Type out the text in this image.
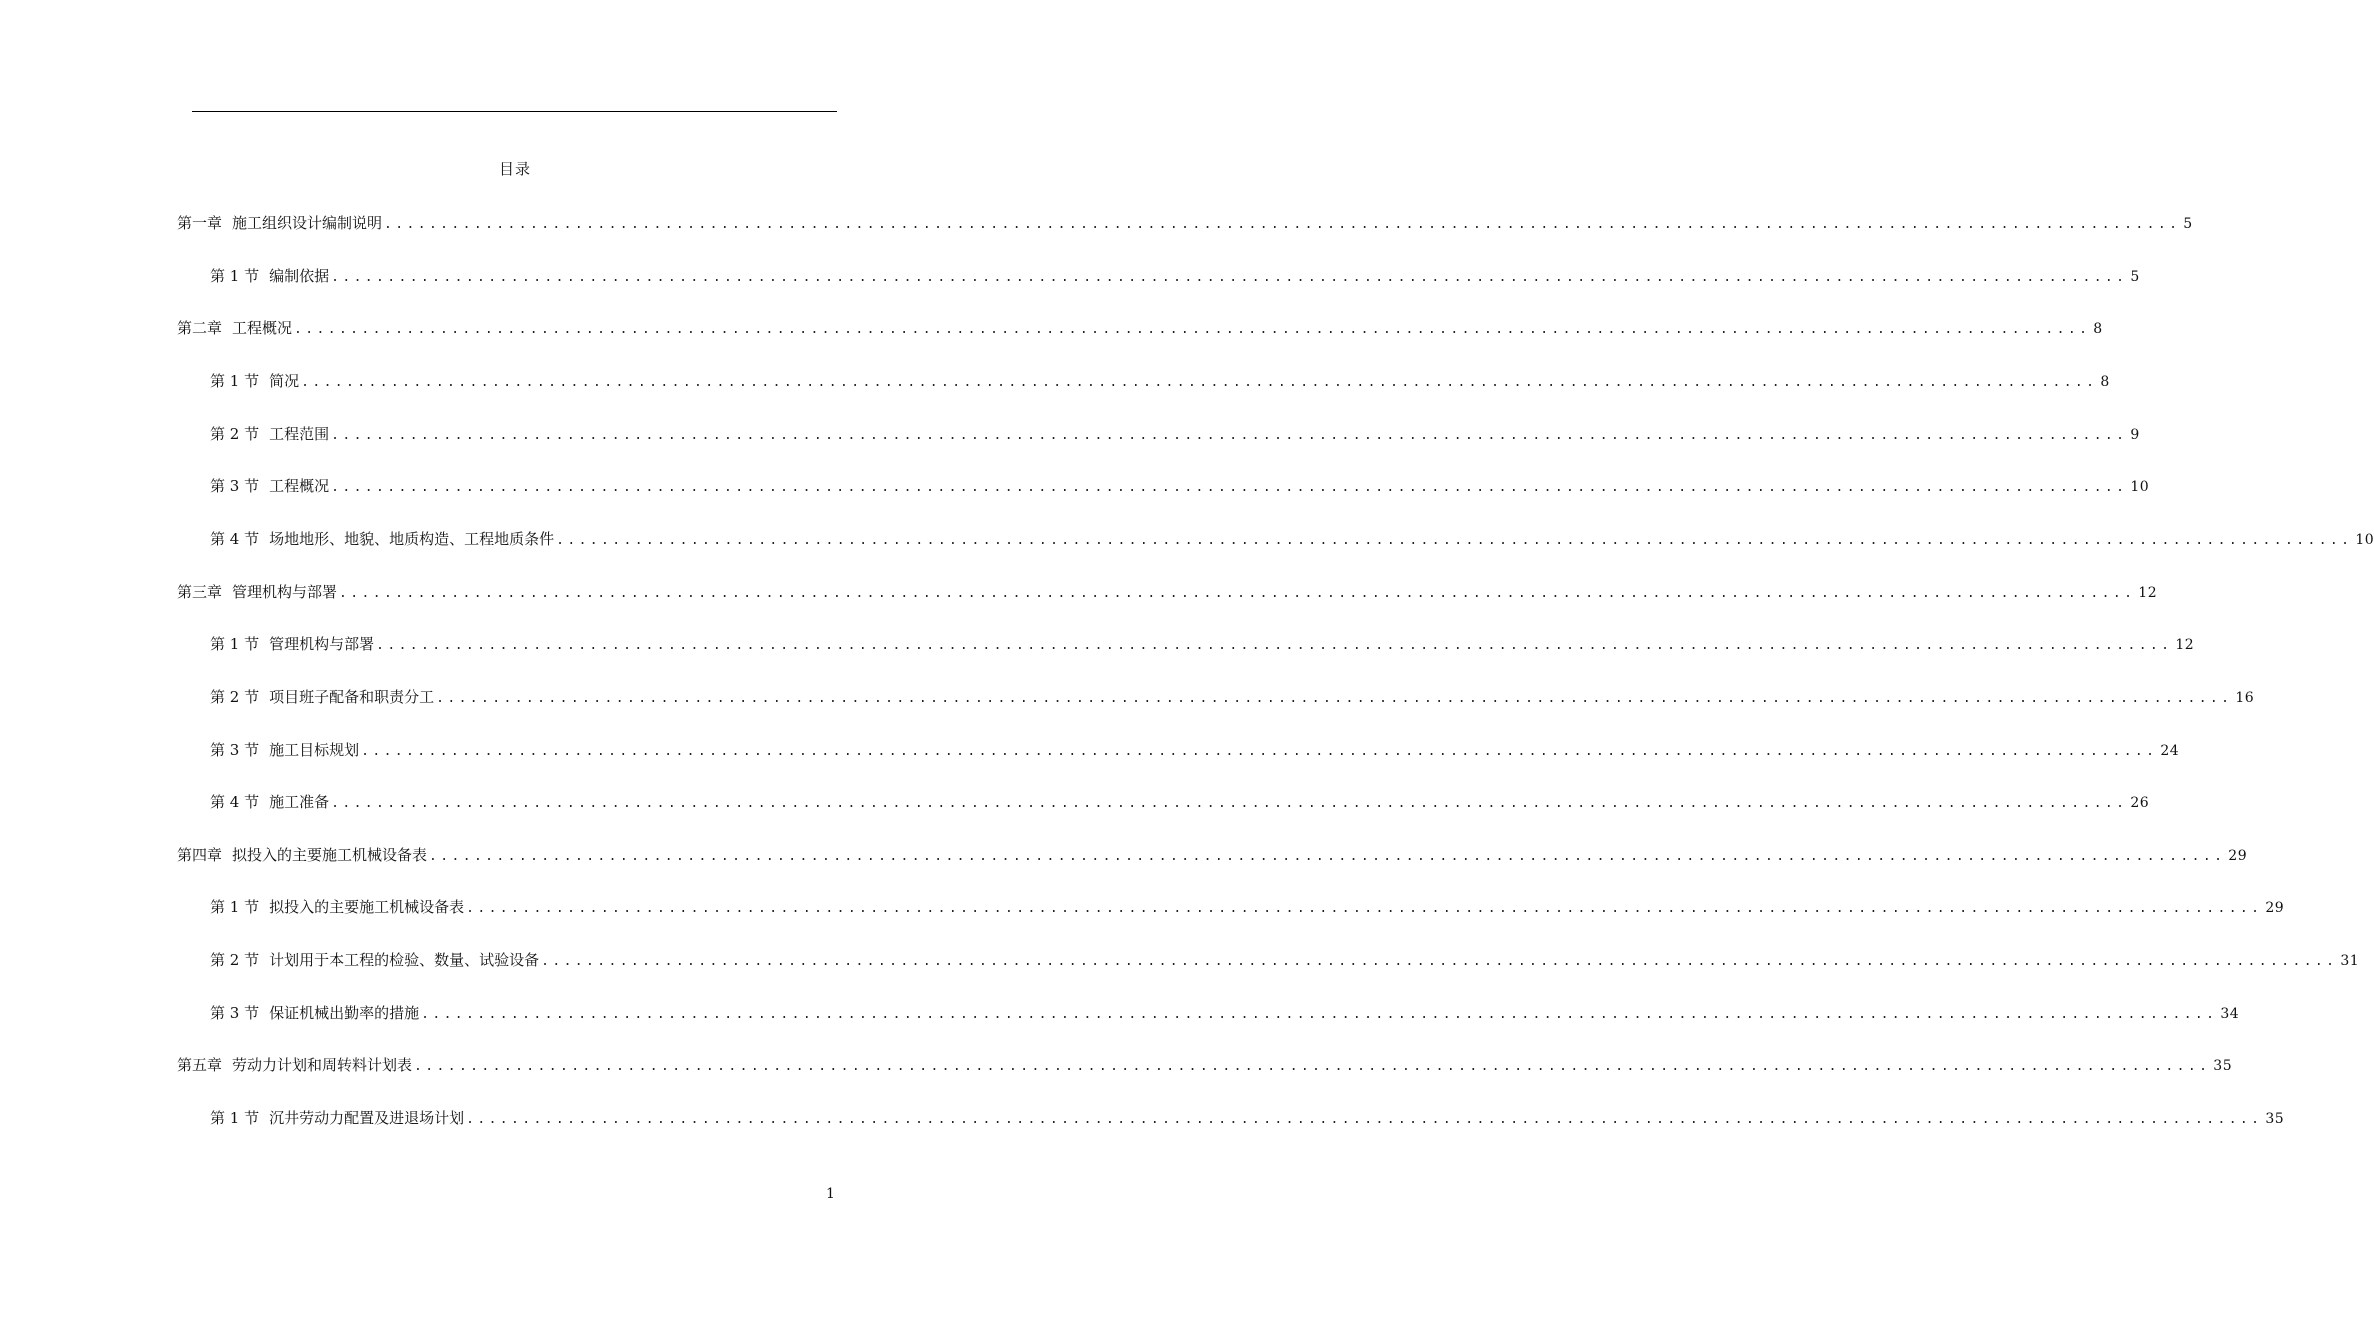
目录
第一章 施工组织设计编制说明 ................................................................................................................................................................ 5
第 1 节 编制依据 ................................................................................................................................................................ 5
第二章 工程概况 ................................................................................................................................................................ 8
第 1 节 简况 ................................................................................................................................................................ 8
第 2 节 工程范围 ................................................................................................................................................................ 9
第 3 节 工程概况 ................................................................................................................................................................ 10
第 4 节 场地地形、地貌、地质构造、工程地质条件 ................................................................................................................................................................ 10
第三章 管理机构与部署 ................................................................................................................................................................ 12
第 1 节 管理机构与部署 ................................................................................................................................................................ 12
第 2 节 项目班子配备和职责分工 ................................................................................................................................................................ 16
第 3 节 施工目标规划 ................................................................................................................................................................ 24
第 4 节 施工准备 ................................................................................................................................................................ 26
第四章 拟投入的主要施工机械设备表 ................................................................................................................................................................ 29
第 1 节 拟投入的主要施工机械设备表 ................................................................................................................................................................ 29
第 2 节 计划用于本工程的检验、数量、试验设备 ................................................................................................................................................................ 31
第 3 节 保证机械出勤率的措施 ................................................................................................................................................................ 34
第五章 劳动力计划和周转料计划表 ................................................................................................................................................................ 35
第 1 节 沉井劳动力配置及进退场计划 ................................................................................................................................................................ 35
1
